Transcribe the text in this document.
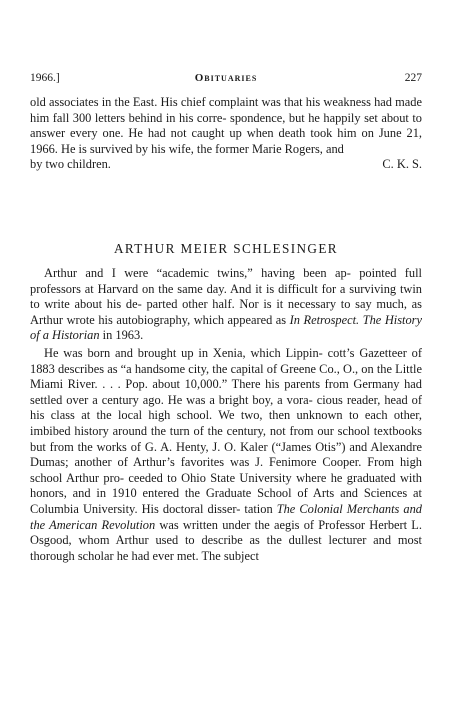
1966.]	Obituaries	227

old associates in the East. His chief complaint was that his weakness had made him fall 300 letters behind in his corre- spondence, but he happily set about to answer every one. He had not caught up when death took him on June 21, 1966. He is survived by his wife, the former Marie Rogers, and

by two children.	C. K. S.
ARTHUR MEIER SCHLESINGER

Arthur and I were “academic twins,” having been ap- pointed full professors at Harvard on the same day. And it is difficult for a surviving twin to write about his de- parted other half. Nor is it necessary to say much, as Arthur wrote his autobiography, which appeared as In Retrospect. The History of a Historian in 1963.

He was born and brought up in Xenia, which Lippin- cott’s Gazetteer of 1883 describes as “a handsome city, the capital of Greene Co., O., on the Little Miami River. . . . Pop. about 10,000.” There his parents from Germany had settled over a century ago. He was a bright boy, a vora- cious reader, head of his class at the local high school. We two, then unknown to each other, imbibed history around the turn of the century, not from our school textbooks but from the works of G. A. Henty, J. O. Kaler (“James Otis”) and Alexandre Dumas; another of Arthur’s favorites was J. Fenimore Cooper. From high school Arthur pro- ceeded to Ohio State University where he graduated with honors, and in 1910 entered the Graduate School of Arts and Sciences at Columbia University. His doctoral disser- tation The Colonial Merchants and the American Revolution was written under the aegis of Professor Herbert L. Osgood, whom Arthur used to describe as the dullest lecturer and most thorough scholar he had ever met. The subject
